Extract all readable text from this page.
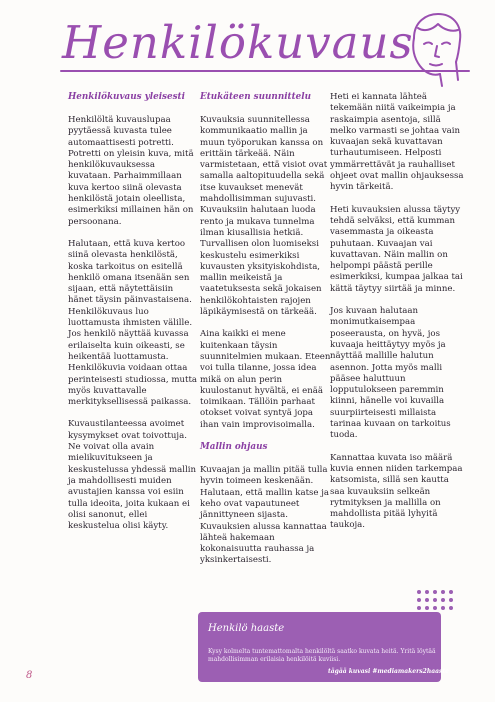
Henkilökuvaus
Henkilökuvaus yleisesti

Henkilöltä kuvauslupaa pyytäessä kuvasta tulee automaattisesti potretti. Potretti on yleisin kuva, mitä henkilökuvauksessa kuvataan. Parhaimmillaan kuva kertoo siinä olevasta henkilöstä jotain oleellista, esimerkiksi millainen hän on persoonana.

Halutaan, että kuva kertoo siinä olevasta henkilöstä, koska tarkoitus on esitellä henkilö omana itsenään sen sijaan, että näytettäisiin hänet täysin päinvastaisena. Henkilökuvaus luo luottamusta ihmisten välille. Jos henkilö näyttää kuvassa erilaiselta kuin oikeasti, se heikentää luottamusta. Henkilökuvia voidaan ottaa perinteisesti studiossa, mutta myös kuvattavalle merkityksellisessä paikassa.

Kuvaustilanteessa avoimet kysymykset ovat toivottuja. Ne voivat olla avain mielikuvitukseen ja keskustelussa yhdessä mallin ja mahdollisesti muiden avustajien kanssa voi esiin tulla ideoita, joita kukaan ei olisi sanonut, ellei keskustelua olisi käyty.

Etukäteen suunnittelu

Kuvauksia suunnitellessa kommunikaatio mallin ja muun työporukan kanssa on erittäin tärkeää. Näin varmistetaan, että visiot ovat samalla aaltopituudella sekä itse kuvaukset menevät mahdollisimman sujuvasti. Kuvauksiin halutaan luoda rento ja mukava tunnelma ilman kiusallisia hetkiä. Turvallisen olon luomiseksi keskustelu esimerkiksi kuvausten yksityiskohdista, mallin meikeistä ja vaatetuksesta sekä jokaisen henkilökohtaisten rajojen läpikäymisestä on tärkeää.

Aina kaikki ei mene kuitenkaan täysin suunnitelmien mukaan. Eteen voi tulla tilanne, jossa idea mikä on alun perin kuulostanut hyvältä, ei enää toimikaan. Tällöin parhaat otokset voivat syntyä jopa ihan vain improvisoimalla.

Mallin ohjaus

Kuvaajan ja mallin pitää tulla hyvin toimeen keskenään. Halutaan, että mallin katse ja keho ovat vapautuneet jännittyneen sijasta. Kuvauksien alussa kannattaa lähteä hakemaan kokonaisuutta rauhassa ja yksinkertaisesti.

Heti ei kannata lähteä tekemään niitä vaikeimpia ja raskaimpia asentoja, sillä melko varmasti se johtaa vain kuvaajan sekä kuvattavan turhautumiseen. Helposti ymmärrettävät ja rauhalliset ohjeet ovat mallin ohjauksessa hyvin tärkeitä.

Heti kuvauksien alussa täytyy tehdä selväksi, että kumman vasemmasta ja oikeasta puhutaan. Kuvaajan vai kuvattavan. Näin mallin on helpompi päästä perille esimerkiksi, kumpaa jalkaa tai kättä täytyy siirtää ja minne.

Jos kuvaan halutaan monimutkaisempaa poseerausta, on hyvä, jos kuvaaja heittäytyy myös ja näyttää mallille halutun asennon. Jotta myös malli pääsee haluttuun lopputulokseen paremmin kiinni, hänelle voi kuvailla suurpiirteisesti millaista tarinaa kuvaan on tarkoitus tuoda.

Kannattaa kuvata iso määrä kuvia ennen niiden tarkempaa katsomista, sillä sen kautta saa kuvauksiin selkeän rytmityksen ja mallilla on mahdollista pitää lyhyitä taukoja.

Henkilö haaste
Kysy kolmelta tuntemattomalta henkilöltä saatko kuvata heitä. Yritä löytää mahdollisimman erilaisia henkilöitä kuviisi.
tägää kuvasi #mediamakers2haaste
8
